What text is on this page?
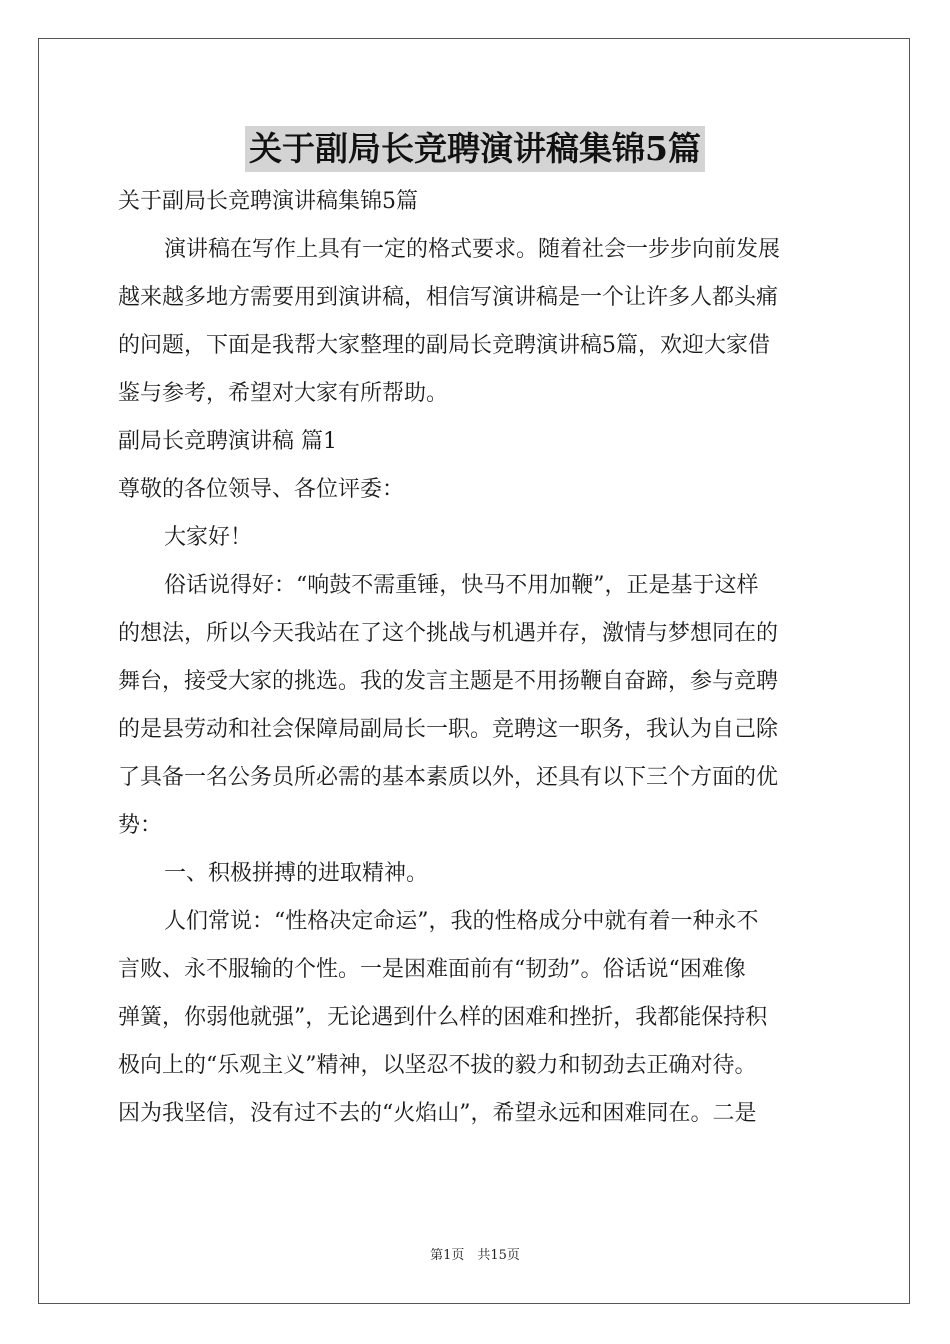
关于副局长竞聘演讲稿集锦5篇

关于副局长竞聘演讲稿集锦5篇

演讲稿在写作上具有一定的格式要求。随着社会一步步向前发展

越来越多地方需要用到演讲稿，相信写演讲稿是一个让许多人都头痛

的问题，下面是我帮大家整理的副局长竞聘演讲稿5篇，欢迎大家借

鉴与参考，希望对大家有所帮助。

副局长竞聘演讲稿 篇1

尊敬的各位领导、各位评委：

大家好！

俗话说得好：“响鼓不需重锤，快马不用加鞭”，正是基于这样

的想法，所以今天我站在了这个挑战与机遇并存，激情与梦想同在的

舞台，接受大家的挑选。我的发言主题是不用扬鞭自奋蹄，参与竞聘

的是县劳动和社会保障局副局长一职。竞聘这一职务，我认为自己除

了具备一名公务员所必需的基本素质以外，还具有以下三个方面的优

势：

一、积极拼搏的进取精神。

人们常说：“性格决定命运”，我的性格成分中就有着一种永不

言败、永不服输的个性。一是困难面前有“韧劲”。俗话说“困难像

弹簧，你弱他就强”，无论遇到什么样的困难和挫折，我都能保持积

极向上的“乐观主义”精神，以坚忍不拔的毅力和韧劲去正确对待。

因为我坚信，没有过不去的“火焰山”，希望永远和困难同在。二是

第1页　共15页
